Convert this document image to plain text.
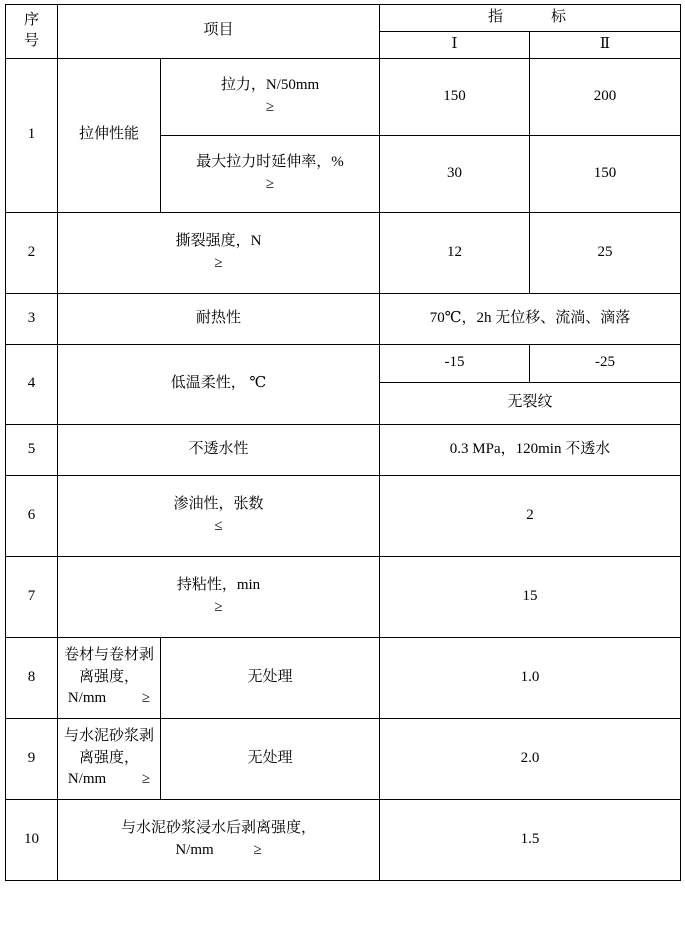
序
号	项目		指　　标	
			Ⅰ	Ⅱ
1	拉伸性能	拉力，N/50mm
≥	150	200

		最大拉力时延伸率，%
≥	30	150
2	撕裂强度，N
≥		12	25
3	耐热性		70℃，2h 无位移、流淌、滴落	
4	低温柔性， ℃		-15	-25
			无裂纹	
5	不透水性		0.3 MPa，120min 不透水	
6	渗油性，张数
≤		2	
7	持粘性，min
≥		15	
8	卷材与卷材剥离强度，
N/mm ≥	无处理	1.0	
9	与水泥砂浆剥离强度，
N/mm ≥	无处理	2.0	
10	与水泥砂浆浸水后剥离强度，
N/mm ≥		1.5	
